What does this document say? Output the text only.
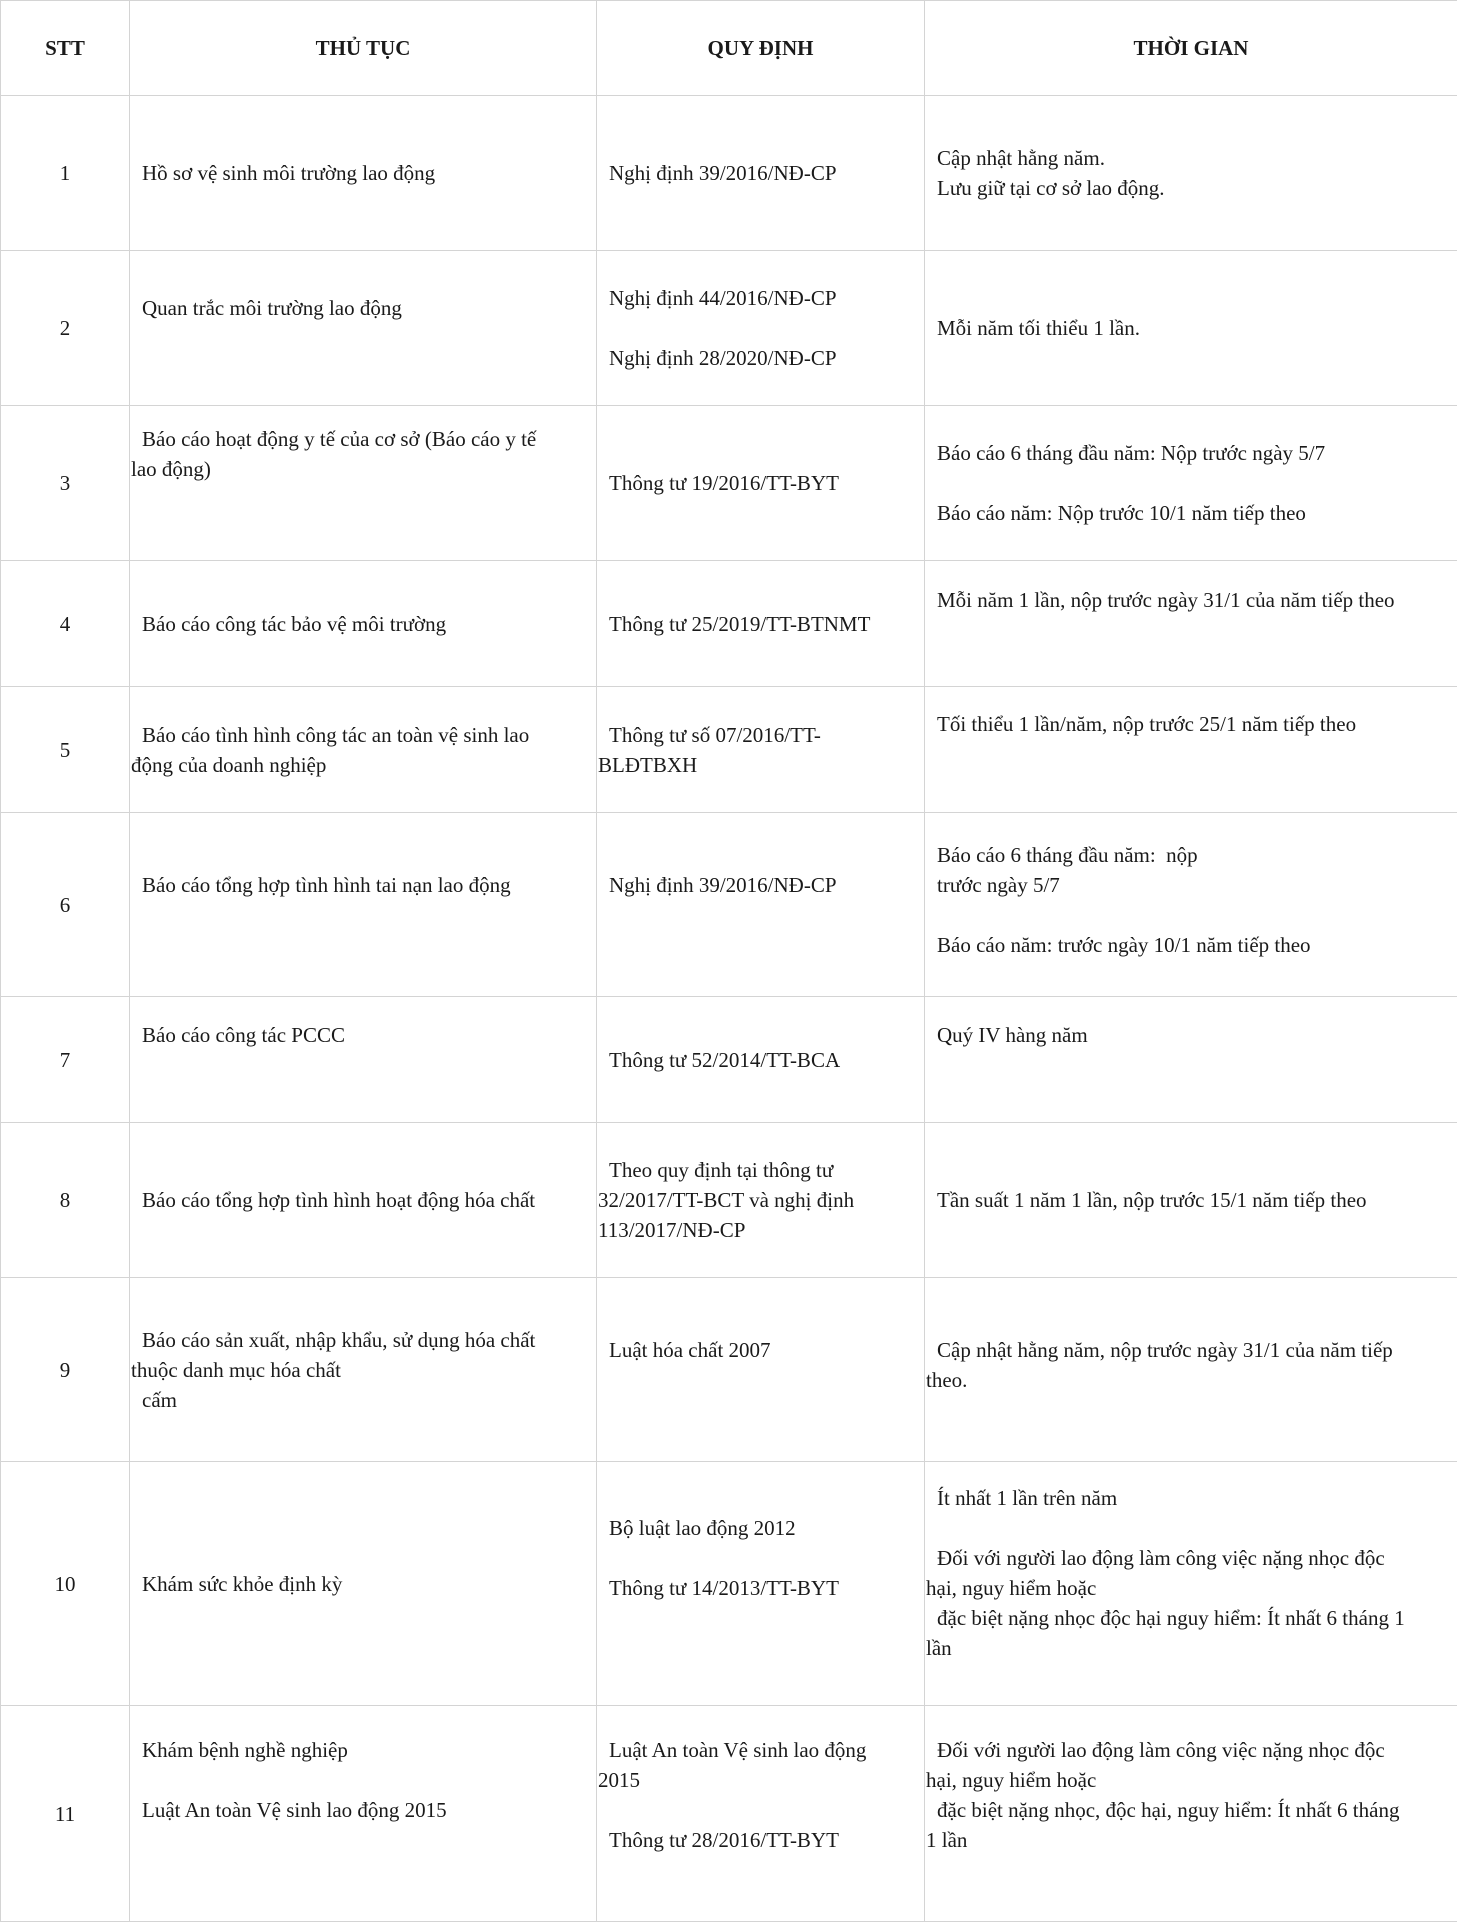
STT	THỦ TỤC	QUY ĐỊNH	THỜI GIAN
1	Hồ sơ vệ sinh môi trường lao động	Nghị định 39/2016/NĐ-CP	Cập nhật hằng năm.
Lưu giữ tại cơ sở lao động.

2	Quan trắc môi trường lao động	Nghị định 44/2016/NĐ-CP
Nghị định 28/2020/NĐ-CP	Mỗi năm tối thiểu 1 lần.

3	Báo cáo hoạt động y tế của cơ sở (Báo cáo y tế
lao động)	Thông tư 19/2016/TT-BYT	Báo cáo 6 tháng đầu năm: Nộp trước ngày 5/7
Báo cáo năm: Nộp trước 10/1 năm tiếp theo

4	Báo cáo công tác bảo vệ môi trường	Thông tư 25/2019/TT-BTNMT	Mỗi năm 1 lần, nộp trước ngày 31/1 của năm tiếp theo

5	Báo cáo tình hình công tác an toàn vệ sinh lao
động của doanh nghiệp	Thông tư số 07/2016/TT-
BLĐTBXH	Tối thiểu 1 lần/năm, nộp trước 25/1 năm tiếp theo

6	Báo cáo tổng hợp tình hình tai nạn lao động	Nghị định 39/2016/NĐ-CP	Báo cáo 6 tháng đầu năm:  nộp
trước ngày 5/7
Báo cáo năm: trước ngày 10/1 năm tiếp theo

7	Báo cáo công tác PCCC	Thông tư 52/2014/TT-BCA	Quý IV hàng năm

8	Báo cáo tổng hợp tình hình hoạt động hóa chất	Theo quy định tại thông tư
32/2017/TT-BCT và nghị định
113/2017/NĐ-CP	Tần suất 1 năm 1 lần, nộp trước 15/1 năm tiếp theo

9	Báo cáo sản xuất, nhập khẩu, sử dụng hóa chất
thuộc danh mục hóa chất
cấm	Luật hóa chất 2007	Cập nhật hằng năm, nộp trước ngày 31/1 của năm tiếp
theo.

10	Khám sức khỏe định kỳ	Bộ luật lao động 2012
Thông tư 14/2013/TT-BYT	Ít nhất 1 lần trên năm
Đối với người lao động làm công việc nặng nhọc độc
hại, nguy hiểm hoặc
đặc biệt nặng nhọc độc hại nguy hiểm: Ít nhất 6 tháng 1
lần

11	Khám bệnh nghề nghiệp
Luật An toàn Vệ sinh lao động 2015	Luật An toàn Vệ sinh lao động
2015
Thông tư 28/2016/TT-BYT	Đối với người lao động làm công việc nặng nhọc độc
hại, nguy hiểm hoặc
đặc biệt nặng nhọc, độc hại, nguy hiểm: Ít nhất 6 tháng
1 lần
